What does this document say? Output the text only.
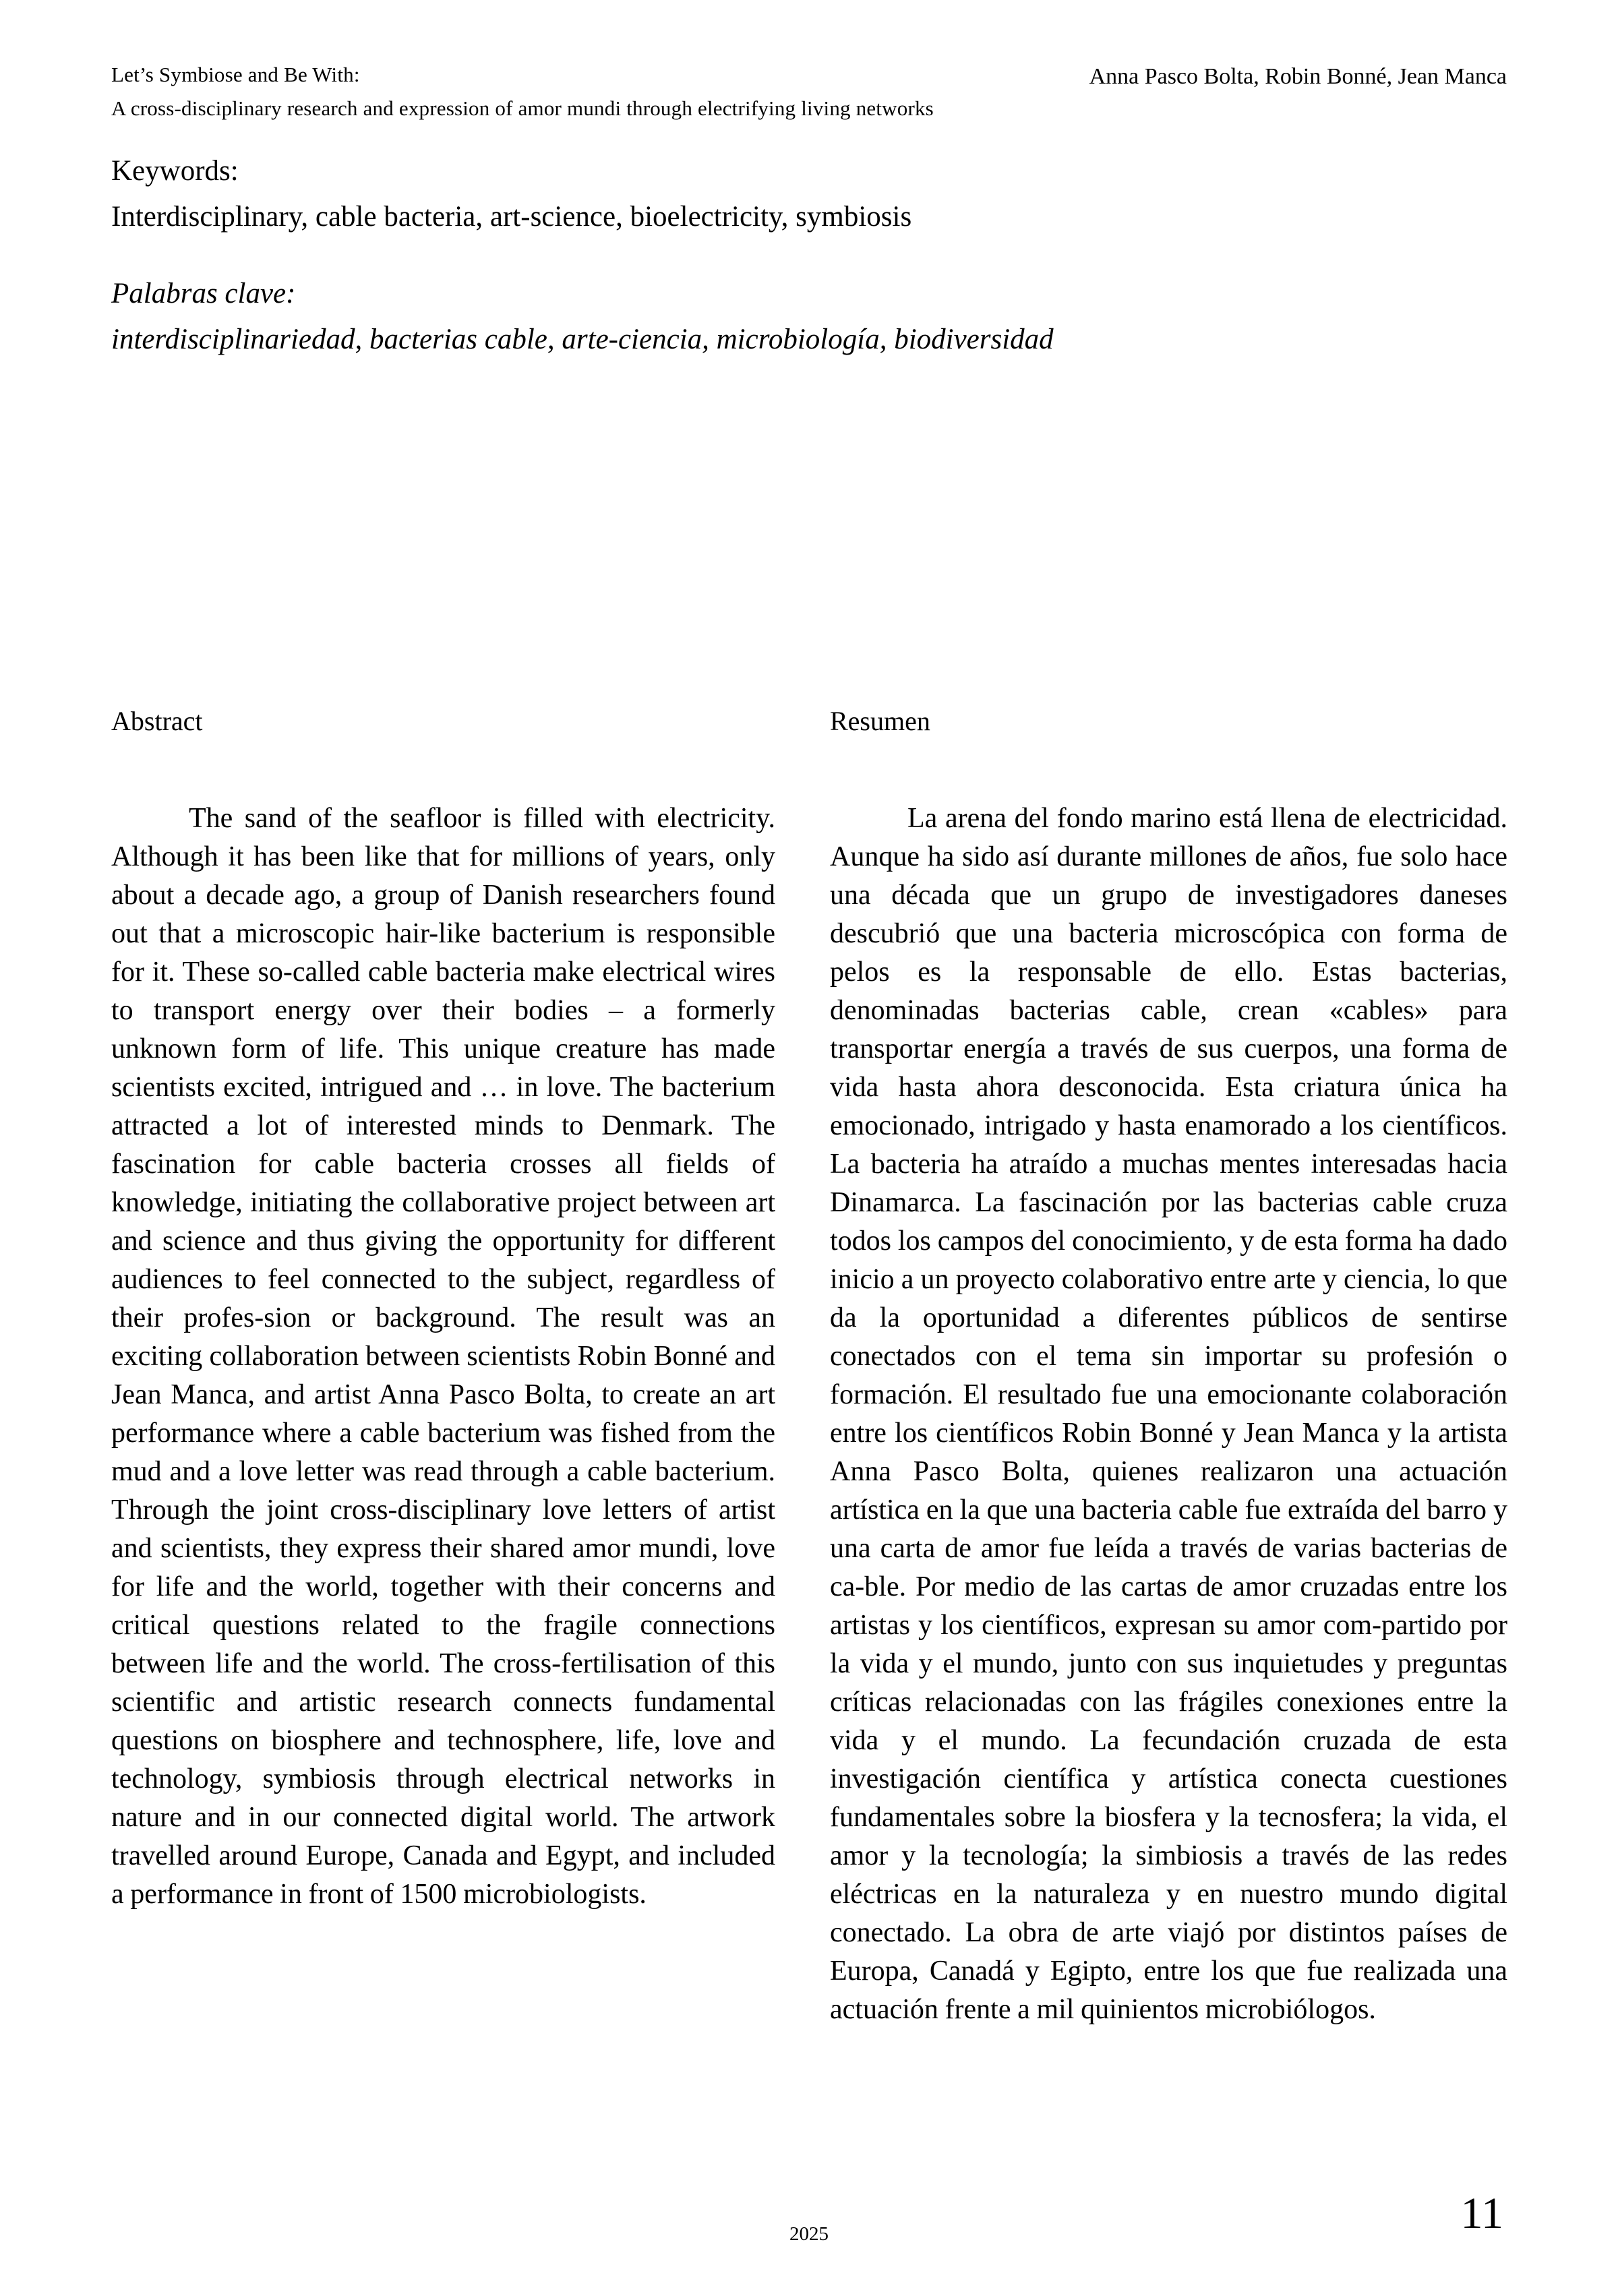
Let’s Symbiose and Be With:
A cross-disciplinary research and expression of amor mundi through electrifying living networks
Anna Pasco Bolta, Robin Bonné, Jean Manca
Keywords:
Interdisciplinary, cable bacteria, art-science, bioelectricity, symbiosis
Palabras clave:
interdisciplinariedad, bacterias cable, arte-ciencia, microbiología, biodiversidad
Abstract	Resumen

The sand of the seafloor is filled with electricity. Although it has been like that for millions of years, only about a decade ago, a group of Danish researchers found out that a microscopic hair-like bacterium is responsible for it. These so-called cable bacteria make electrical wires to transport energy over their bodies – a formerly unknown form of life. This unique creature has made scientists excited, intrigued and … in love. The bacterium attracted a lot of interested minds to Denmark. The fascination for cable bacteria crosses all fields of knowledge, initiating the collaborative project between art and science and thus giving the opportunity for different audiences to feel connected to the subject, regardless of their profes-sion or background. The result was an exciting collaboration between scientists Robin Bonné and Jean Manca, and artist Anna Pasco Bolta, to create an art performance where a cable bacterium was fished from the mud and a love letter was read through a cable bacterium. Through the joint cross-disciplinary love letters of artist and scientists, they express their shared amor mundi, love for life and the world, together with their concerns and critical questions related to the fragile connections between life and the world. The cross-fertilisation of this scientific and artistic research connects fundamental questions on biosphere and technosphere, life, love and technology, symbiosis through electrical networks in nature and in our connected digital world. The artwork travelled around Europe, Canada and Egypt, and included a performance in front of 1500 microbiologists.

La arena del fondo marino está llena de electricidad. Aunque ha sido así durante millones de años, fue solo hace una década que un grupo de investigadores daneses descubrió que una bacteria microscópica con forma de pelos es la responsable de ello. Estas bacterias, denominadas bacterias cable, crean «cables» para transportar energía a través de sus cuerpos, una forma de vida hasta ahora desconocida. Esta criatura única ha emocionado, intrigado y hasta enamorado a los científicos. La bacteria ha atraído a muchas mentes interesadas hacia Dinamarca. La fascinación por las bacterias cable cruza todos los campos del conocimiento, y de esta forma ha dado inicio a un proyecto colaborativo entre arte y ciencia, lo que da la oportunidad a diferentes públicos de sentirse conectados con el tema sin importar su profesión o formación. El resultado fue una emocionante colaboración entre los científicos Robin Bonné y Jean Manca y la artista Anna Pasco Bolta, quienes realizaron una actuación artística en la que una bacteria cable fue extraída del barro y una carta de amor fue leída a través de varias bacterias de ca-ble. Por medio de las cartas de amor cruzadas entre los artistas y los científicos, expresan su amor com-partido por la vida y el mundo, junto con sus inquietudes y preguntas críticas relacionadas con las frágiles conexiones entre la vida y el mundo. La fecundación cruzada de esta investigación científica y artística conecta cuestiones fundamentales sobre la biosfera y la tecnosfera; la vida, el amor y la tecnología; la simbiosis a través de las redes eléctricas en la naturaleza y en nuestro mundo digital conectado. La obra de arte viajó por distintos países de Europa, Canadá y Egipto, entre los que fue realizada una actuación frente a mil quinientos microbiólogos.

2025	11
